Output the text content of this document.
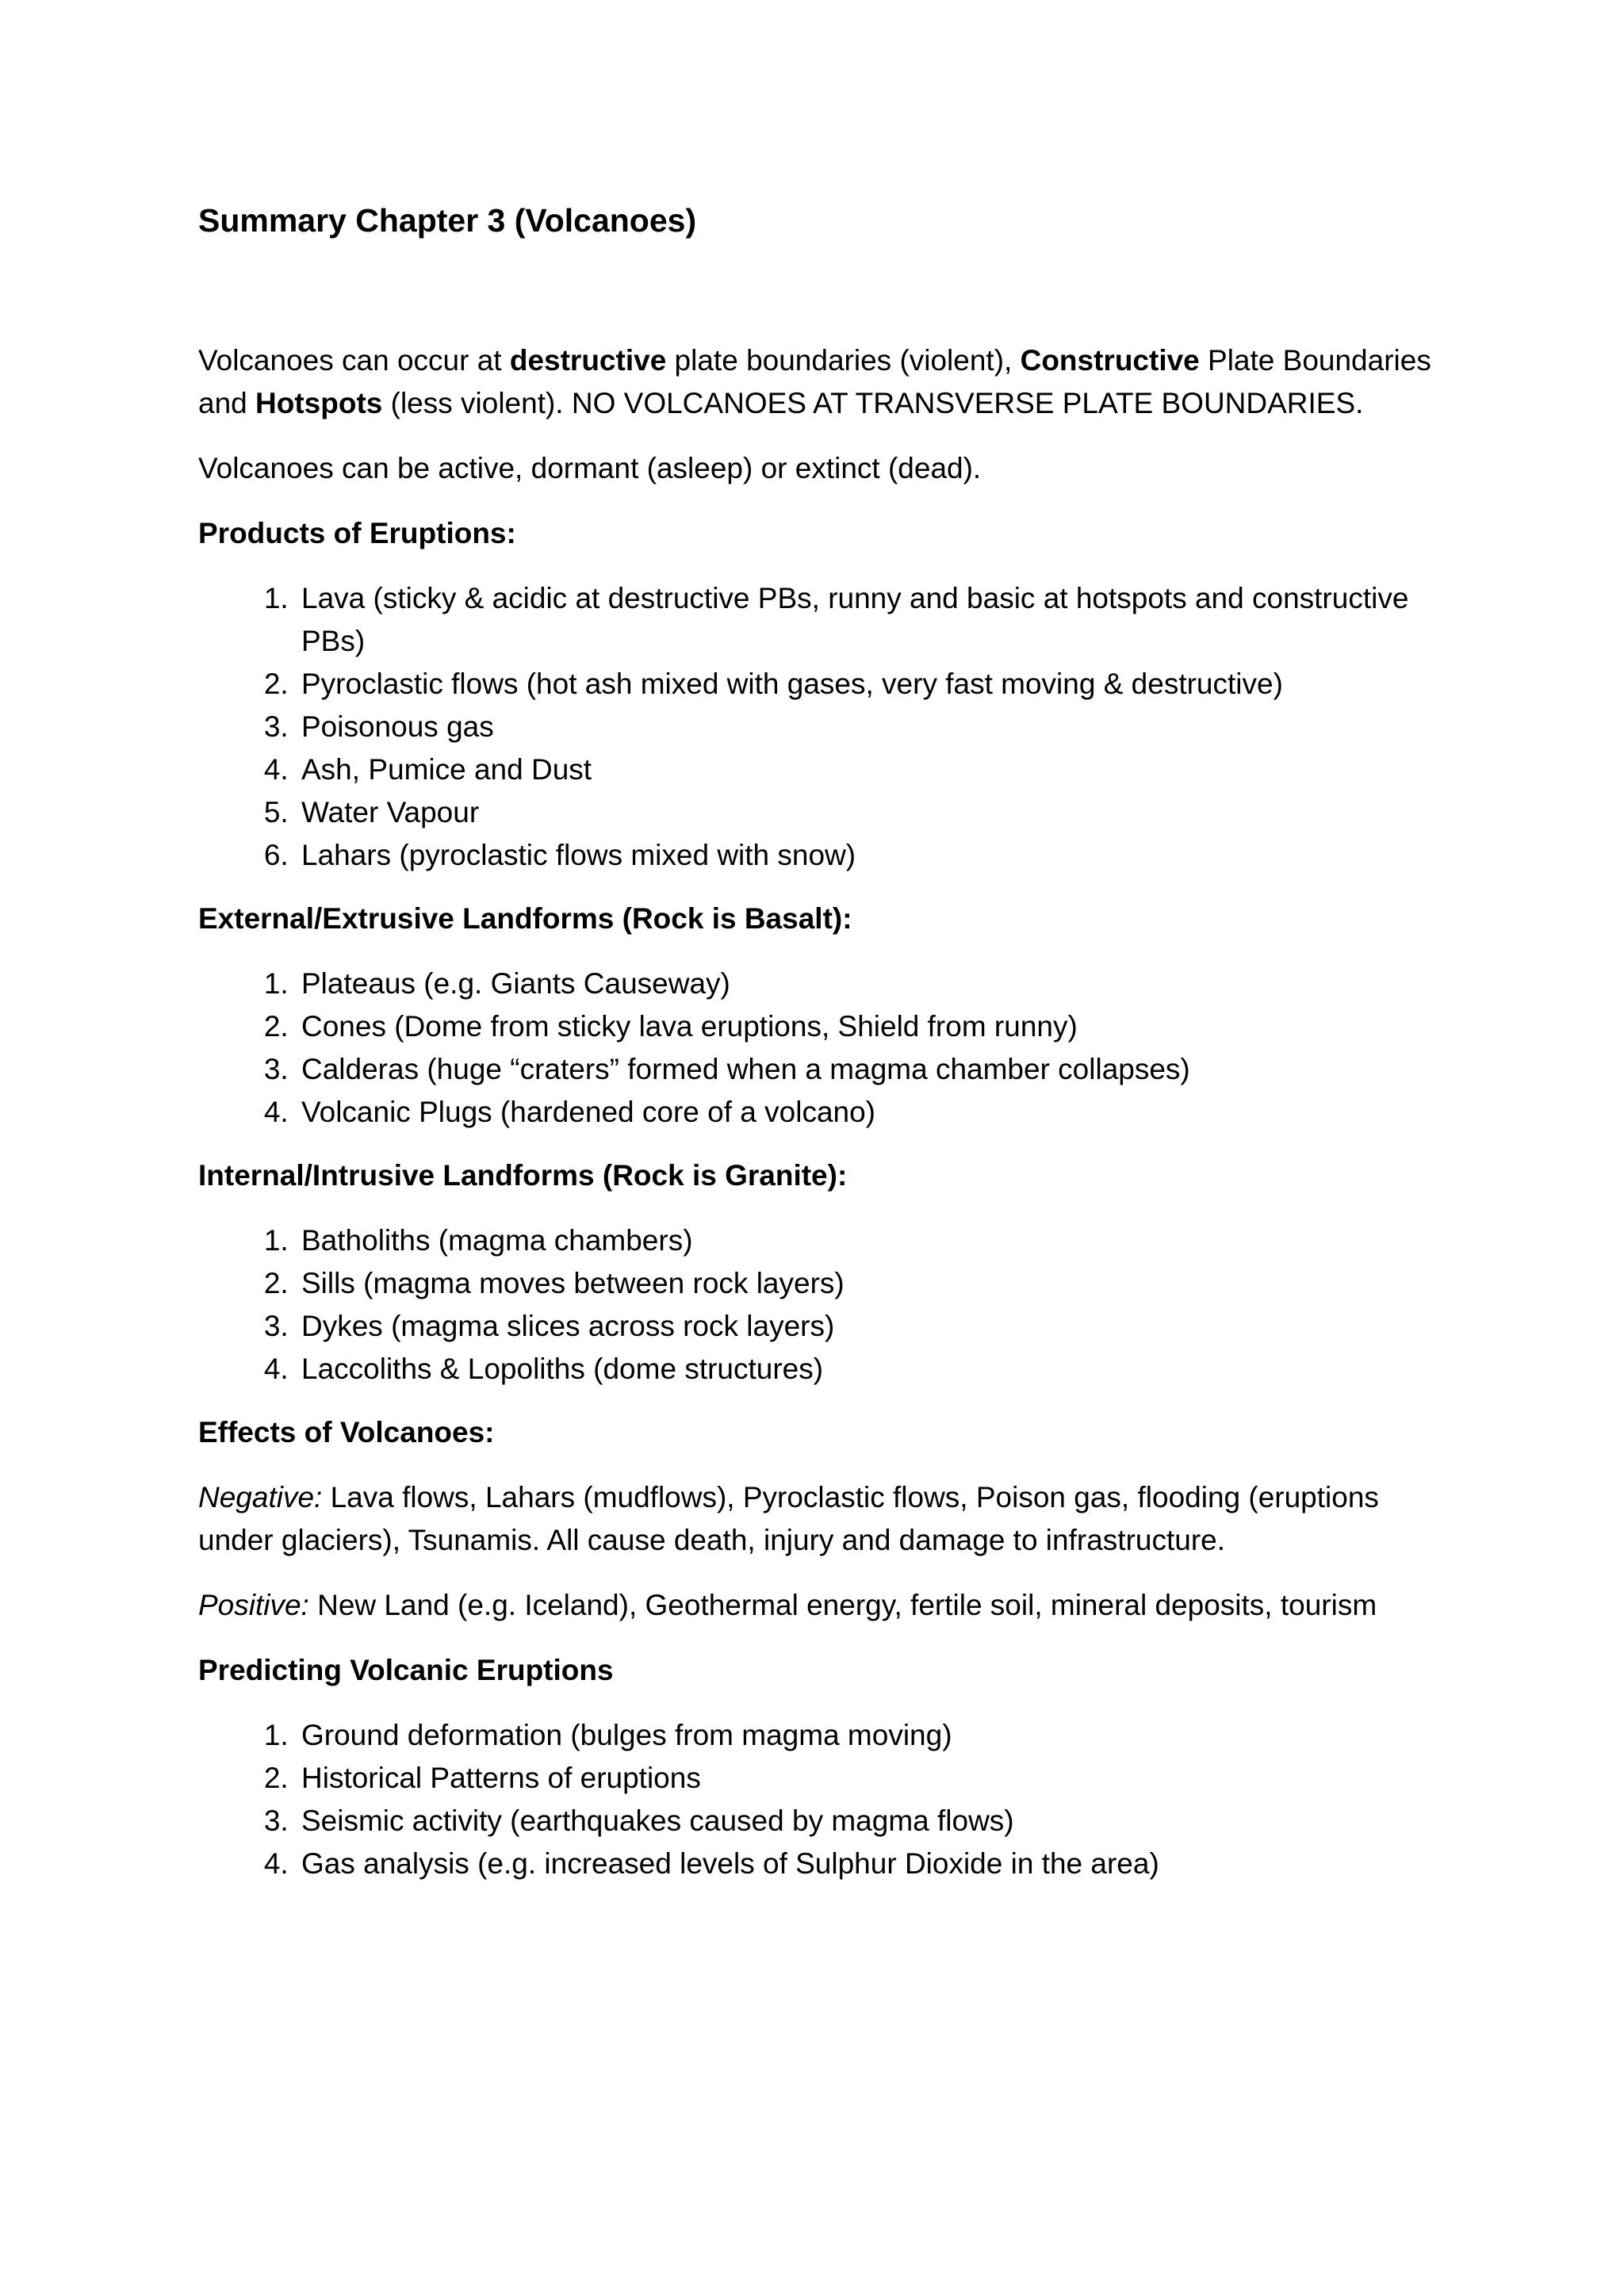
Summary Chapter 3 (Volcanoes)

Volcanoes can occur at destructive plate boundaries (violent), Constructive Plate Boundaries and Hotspots (less violent). NO VOLCANOES AT TRANSVERSE PLATE BOUNDARIES.

Volcanoes can be active, dormant (asleep) or extinct (dead).

Products of Eruptions:

1. Lava (sticky & acidic at destructive PBs, runny and basic at hotspots and constructive PBs)
2. Pyroclastic flows (hot ash mixed with gases, very fast moving & destructive)
3. Poisonous gas
4. Ash, Pumice and Dust
5. Water Vapour
6. Lahars (pyroclastic flows mixed with snow)

External/Extrusive Landforms (Rock is Basalt):

1. Plateaus (e.g. Giants Causeway)
2. Cones (Dome from sticky lava eruptions, Shield from runny)
3. Calderas (huge “craters” formed when a magma chamber collapses)
4. Volcanic Plugs (hardened core of a volcano)

Internal/Intrusive Landforms (Rock is Granite):

1. Batholiths (magma chambers)
2. Sills (magma moves between rock layers)
3. Dykes (magma slices across rock layers)
4. Laccoliths & Lopoliths (dome structures)

Effects of Volcanoes:

Negative: Lava flows, Lahars (mudflows), Pyroclastic flows, Poison gas, flooding (eruptions under glaciers), Tsunamis. All cause death, injury and damage to infrastructure.

Positive: New Land (e.g. Iceland), Geothermal energy, fertile soil, mineral deposits, tourism

Predicting Volcanic Eruptions

1. Ground deformation (bulges from magma moving)
2. Historical Patterns of eruptions
3. Seismic activity (earthquakes caused by magma flows)
4. Gas analysis (e.g. increased levels of Sulphur Dioxide in the area)
